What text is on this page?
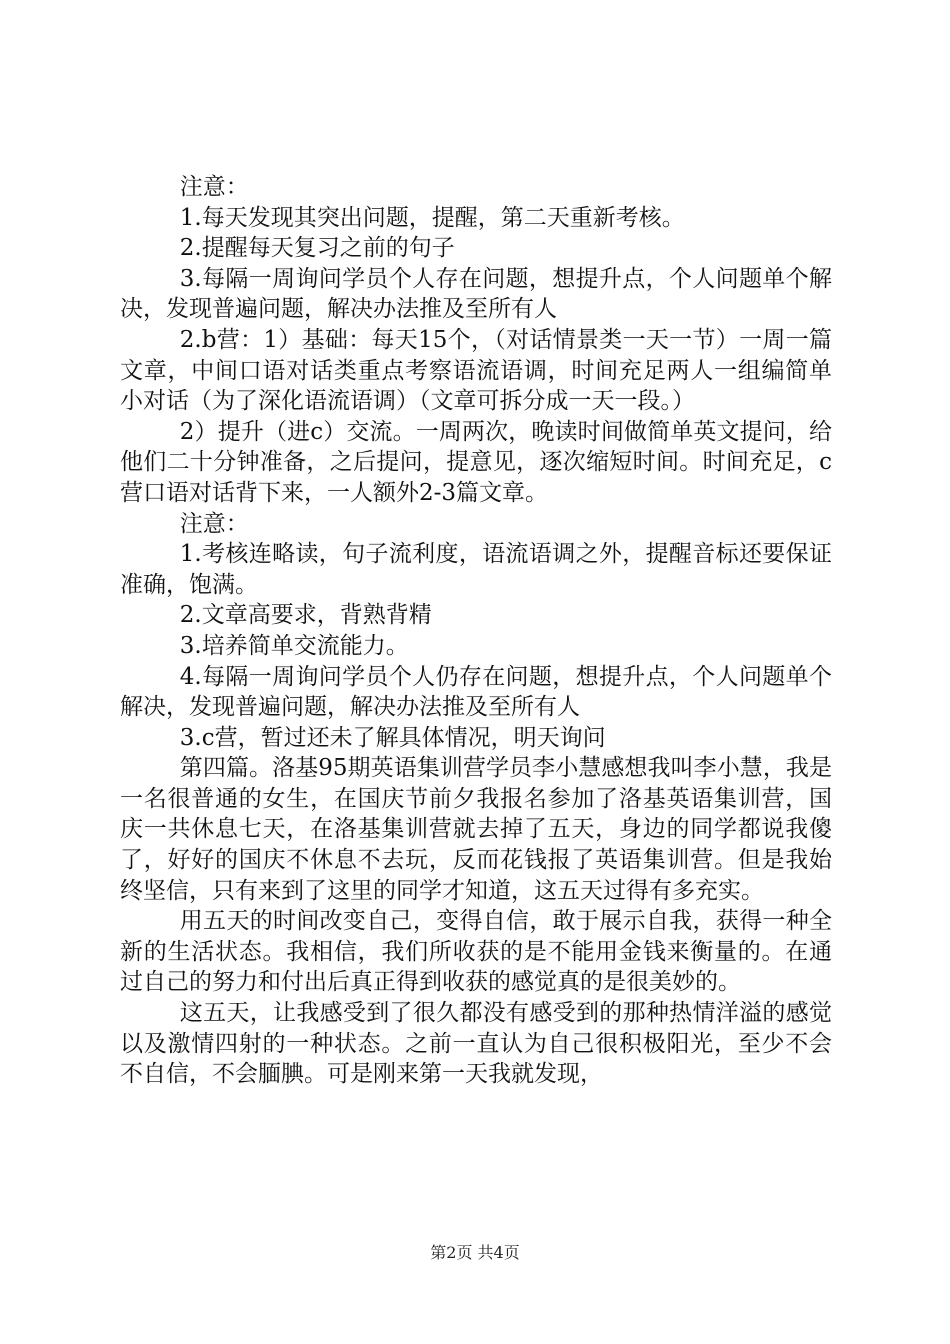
注意：

1.每天发现其突出问题，提醒，第二天重新考核。

2.提醒每天复习之前的句子

3.每隔一周询问学员个人存在问题，想提升点，个人问题单个解决，发现普遍问题，解决办法推及至所有人

2.b营：1）基础：每天15个，（对话情景类一天一节）一周一篇文章，中间口语对话类重点考察语流语调，时间充足两人一组编简单小对话（为了深化语流语调）（文章可拆分成一天一段。）

2）提升（进c）交流。一周两次，晚读时间做简单英文提问，给他们二十分钟准备，之后提问，提意见，逐次缩短时间。时间充足，c营口语对话背下来，一人额外2-3篇文章。

注意：

1.考核连略读，句子流利度，语流语调之外，提醒音标还要保证准确，饱满。

2.文章高要求，背熟背精

3.培养简单交流能力。

4.每隔一周询问学员个人仍存在问题，想提升点，个人问题单个解决，发现普遍问题，解决办法推及至所有人

3.c营，暂过还未了解具体情况，明天询问

第四篇。洛基95期英语集训营学员李小慧感想我叫李小慧，我是一名很普通的女生，在国庆节前夕我报名参加了洛基英语集训营，国庆一共休息七天，在洛基集训营就去掉了五天，身边的同学都说我傻了，好好的国庆不休息不去玩，反而花钱报了英语集训营。但是我始终坚信，只有来到了这里的同学才知道，这五天过得有多充实。

用五天的时间改变自己，变得自信，敢于展示自我，获得一种全新的生活状态。我相信，我们所收获的是不能用金钱来衡量的。在通过自己的努力和付出后真正得到收获的感觉真的是很美妙的。

这五天，让我感受到了很久都没有感受到的那种热情洋溢的感觉以及激情四射的一种状态。之前一直认为自己很积极阳光，至少不会不自信，不会腼腆。可是刚来第一天我就发现，

第2页 共4页
